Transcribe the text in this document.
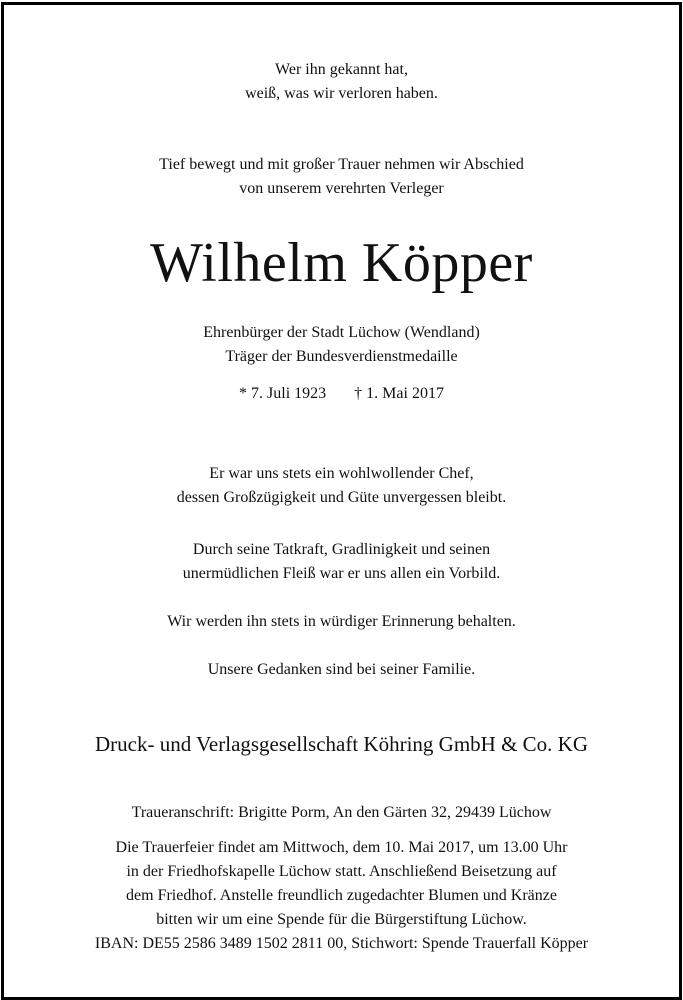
Wer ihn gekannt hat,
weiß, was wir verloren haben.
Tief bewegt und mit großer Trauer nehmen wir Abschied
von unserem verehrten Verleger
Wilhelm Köpper
Ehrenbürger der Stadt Lüchow (Wendland)
Träger der Bundesverdienstmedaille
* 7. Juli 1923 † 1. Mai 2017
Er war uns stets ein wohlwollender Chef,
dessen Großzügigkeit und Güte unvergessen bleibt.
Durch seine Tatkraft, Gradlinigkeit und seinen
unermüdlichen Fleiß war er uns allen ein Vorbild.
Wir werden ihn stets in würdiger Erinnerung behalten.
Unsere Gedanken sind bei seiner Familie.
Druck- und Verlagsgesellschaft Köhring GmbH & Co. KG
Traueranschrift: Brigitte Porm, An den Gärten 32, 29439 Lüchow
Die Trauerfeier findet am Mittwoch, dem 10. Mai 2017, um 13.00 Uhr
in der Friedhofskapelle Lüchow statt. Anschließend Beisetzung auf
dem Friedhof. Anstelle freundlich zugedachter Blumen und Kränze
bitten wir um eine Spende für die Bürgerstiftung Lüchow.
IBAN: DE55 2586 3489 1502 2811 00, Stichwort: Spende Trauerfall Köpper
